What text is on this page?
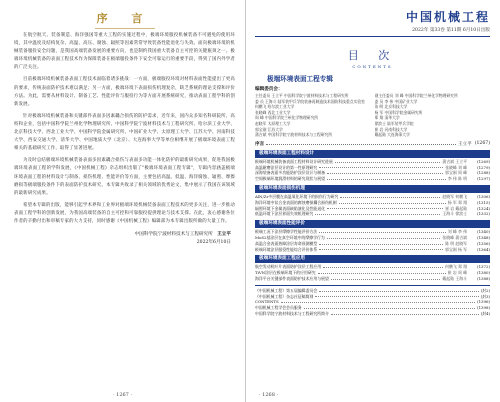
序 言

在航空航天、装备制造、海洋强国等重大工程的实施过程中，极端环境服役机械装备不可避免的使用环境，其中温度及结构复杂、高温、高压、腐蚀、辐照等因素常常导致装备性能退化与失效。面向极端环境的机械装备服役安全问题，是我国高端装备发展的重要方向，也是制约我国重大装备自主可控的关键瓶颈之一。极端环境机械装备的表面工程技术作为保障装备在极端服役条件下安全可靠运行的重要手段，得到了国内外学者的广泛关注。

目前极端环境机械装备表面工程技术面临着诸多挑战：一方面，极端服役环境对材料表面性能提出了更高的要求，传统表面防护技术难以满足；另一方面，极端环境下表面损伤机理复杂，缺乏系统的理论支撑和评价方法。为此，需要从材料设计、制备工艺、性能评价与服役行为等方面开展系统研究，推动表面工程学科的创新发展。

针对极端环境机械装备和关键部件表面多因素耦合损伤的防护需求，近年来，国内众多知名科研院所、高校和企业，包括中国科学院兰州化学物理研究所、中国科学院宁波材料技术与工程研究所、哈尔滨工业大学、北京科技大学、西北工业大学、中国科学院金属研究所、中国矿业大学、太原理工大学、江苏大学、河南科技大学、西安交通大学、清华大学、中国地质大学（北京）、大连海事大学等单位相继开展了极端环境表面工程相关的基础研究工作，取得了显著进展。

为及时总结极端环境机械装备表面多因素耦合损伤与表面多功能一体化防护的最新研究成果，促进我国极端环境表面工程的学科发展，《中国机械工程》杂志组织出版了"极端环境表面工程专辑"，专辑内容涵盖极端环境表面工程的材料设计与制备、损伤机理、性能评价等方面，主要包括高温、低温、海洋腐蚀、辐照、摩擦磨损等极端服役条件下的表面防护技术研究。本专辑共收录了相关领域的优秀论文，集中展示了我国在该领域的最新研究成果。

希望本专辑的出版，能够引起学术界和工业界对极端环境机械装备表面工程技术的更多关注，进一步推动表面工程学科的创新发展，为我国高端装备的自主可控和可靠服役提供理论与技术支撑。在此，衷心感谢各位作者的辛勤付出和审稿专家的大力支持，同时感谢《中国机械工程》编辑部为本专辑出版所做的大量工作。

中国科学院宁波材料技术与工程研究所 王立平
2022年6月10日
· 1267 ·
中国机械工程
2022年 第33卷 第11期 6月10日出版
目 次
CONTENTS
极端环境表面工程专辑
编辑委员会：
主任委员 王立平 中国科学院宁波材料技术与工程研究所
委 员 王海斗 陆军装甲兵学院装备再制造技术国防科技重点实验室
何鹏飞 哈尔滨工业大学
张晓峰 西北工业大学
周 峰 中国科学院兰州化学物理研究所
赵晓军 太原理工大学
郭宝刚 江苏大学
蒲吉斌 中国科学院宁波材料技术与工程研究所
副主任委员 刘 峰 中国科学院兰州化学物理研究所
委 员 李 伟 中国矿业大学
陈 明 北京科技大学
杨 军 中国科学院金属研究所
郑 翔 清华大学
徐滨士 陆军装甲兵学院
崔 岩 河南科技大学
戴起勋 大连海事大学
序言	王立平 (1267)
极端环境表面工程材料设计
极端环境机械装备表面工程材料设计研究进展	蒲吉斌 王立平	(1269)
高温耐磨涂层设计的第一性原理研究	张晓峰 刘 峰	(1279)
深海装备表面多功能防护涂层设计与制备	郭宝刚 周 峰	(1288)
空间极端环境润滑材料的研究现状与展望	李 伟 陈 明	(1297)
极端环境表面损伤机理
AlN/Zr多层膜在高温氧化环境下的损伤行为研究	赵晓军 何鹏飞	(1306)
海洋环境中钛合金表面的腐蚀磨损耦合损伤机制	杨 军 郑 翔	(1315)
辐照环境下金属表面缺陷演化及性能退化	崔 岩 戴起勋	(1324)
低温环境下涂层界面失效机理研究	王海斗 徐滨士	(1332)
极端环境表面性能评价
极端工况下涂层摩擦学性能评价方法	刘 峰 李 伟	(1340)
MoS2基涂层在真空环境中的摩擦学行为	张晓峰 蒲吉斌	(1348)
高温合金表面热障涂层寿命预测模型	陈 明 赵晓军	(1356)
极端环境涂层服役性能综合评价体系	郭宝刚 杨 军	(1364)
极端环境表面工程应用
航空发动机叶片表面防护涂层工程应用	何鹏飞 郑 翔	(1372)
TiVN涂层在极端环境下的应用研究	崔 岩 周 峰	(1380)
海洋平台关键部件表面防护技术应用与展望	戴起勋 王海斗	(1388)
《中国机械工程》第五届编辑委员会	(封2)
《中国机械工程》杂志社征稿简则	(封3)
CONTENTS	(1396)
中国机械工程学会会员服务	(1398)
中国科学院宁波材料技术与工程研究所简介	(封4)
· 1268 ·
